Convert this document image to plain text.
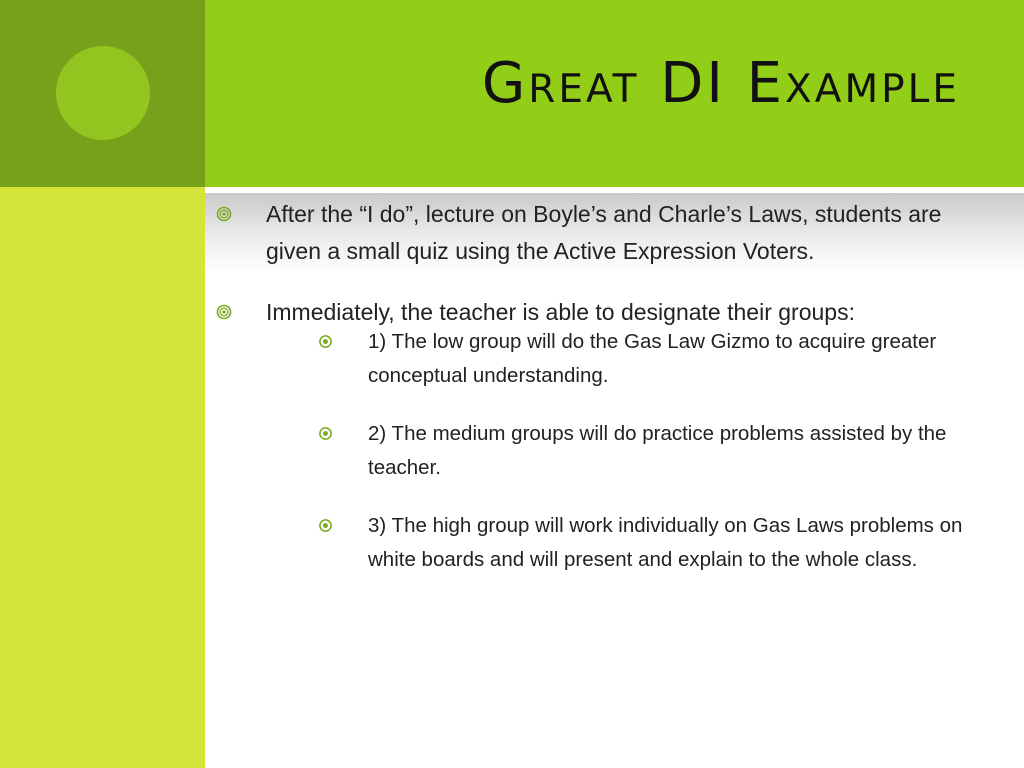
Great DI Example
After the “I do”, lecture on Boyle’s and Charle’s Laws, students are given a small quiz using the Active Expression Voters.
Immediately, the teacher is able to designate their groups:
1) The low group will do the Gas Law Gizmo to acquire greater conceptual understanding.
2) The medium groups will do practice problems assisted by the teacher.
3) The high group will work individually on Gas Laws problems on white boards and will present and explain to the whole class.
